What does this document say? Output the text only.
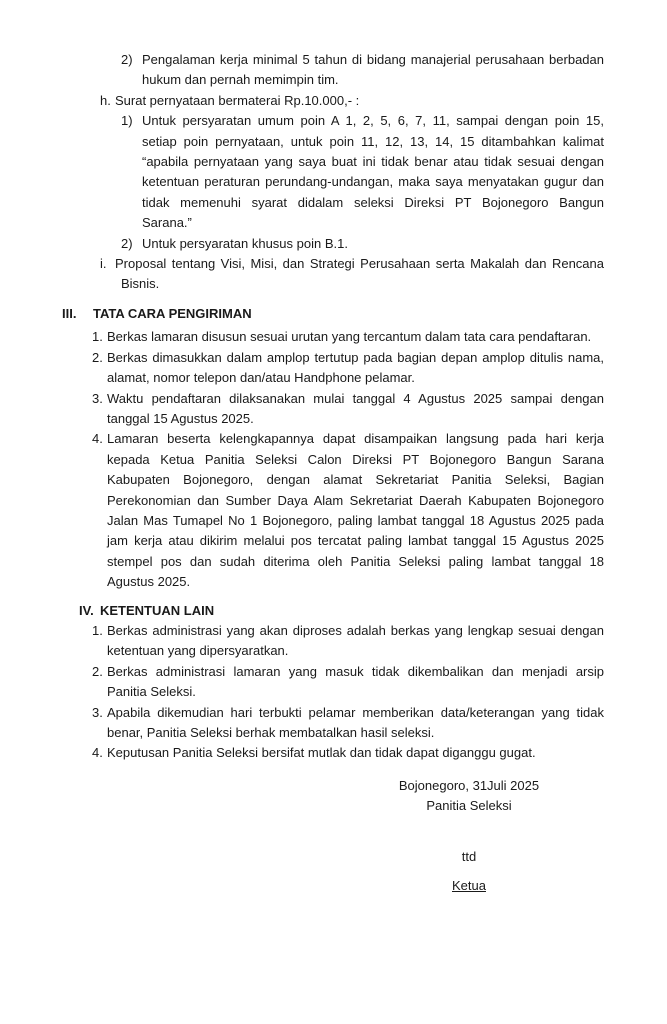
2) Pengalaman kerja minimal 5 tahun di bidang manajerial perusahaan berbadan
hukum dan pernah memimpin tim.
h. Surat pernyataan bermaterai Rp.10.000,- :
1) Untuk persyaratan umum poin A 1, 2, 5, 6, 7, 11, sampai dengan poin 15,
setiap poin pernyataan, untuk poin 11, 12, 13, 14, 15 ditambahkan kalimat
“apabila pernyataan yang saya buat ini tidak benar atau tidak sesuai dengan
ketentuan peraturan perundang-undangan, maka saya menyatakan gugur dan
tidak memenuhi syarat didalam seleksi Direksi PT Bojonegoro Bangun
Sarana.”
2) Untuk persyaratan khusus poin B.1.
i. Proposal tentang Visi, Misi, dan Strategi Perusahaan serta Makalah dan Rencana
Bisnis.
III. TATA CARA PENGIRIMAN
1. Berkas lamaran disusun sesuai urutan yang tercantum dalam tata cara pendaftaran.
2. Berkas dimasukkan dalam amplop tertutup pada bagian depan amplop ditulis nama,
alamat, nomor telepon dan/atau Handphone pelamar.
3. Waktu pendaftaran dilaksanakan mulai tanggal 4 Agustus 2025 sampai dengan
tanggal 15 Agustus 2025.
4. Lamaran beserta kelengkapannya dapat disampaikan langsung pada hari kerja
kepada Ketua Panitia Seleksi Calon Direksi PT Bojonegoro Bangun Sarana
Kabupaten Bojonegoro, dengan alamat Sekretariat Panitia Seleksi, Bagian
Perekonomian dan Sumber Daya Alam Sekretariat Daerah Kabupaten Bojonegoro
Jalan Mas Tumapel No 1 Bojonegoro, paling lambat tanggal 18 Agustus 2025 pada
jam kerja atau dikirim melalui pos tercatat paling lambat tanggal 15 Agustus 2025
stempel pos dan sudah diterima oleh Panitia Seleksi paling lambat tanggal 18
Agustus 2025.
IV. KETENTUAN LAIN
1. Berkas administrasi yang akan diproses adalah berkas yang lengkap sesuai dengan
ketentuan yang dipersyaratkan.
2. Berkas administrasi lamaran yang masuk tidak dikembalikan dan menjadi arsip
Panitia Seleksi.
3. Apabila dikemudian hari terbukti pelamar memberikan data/keterangan yang tidak
benar, Panitia Seleksi berhak membatalkan hasil seleksi.
4. Keputusan Panitia Seleksi bersifat mutlak dan tidak dapat diganggu gugat.
Bojonegoro, 31Juli 2025
Panitia Seleksi
ttd
Ketua
